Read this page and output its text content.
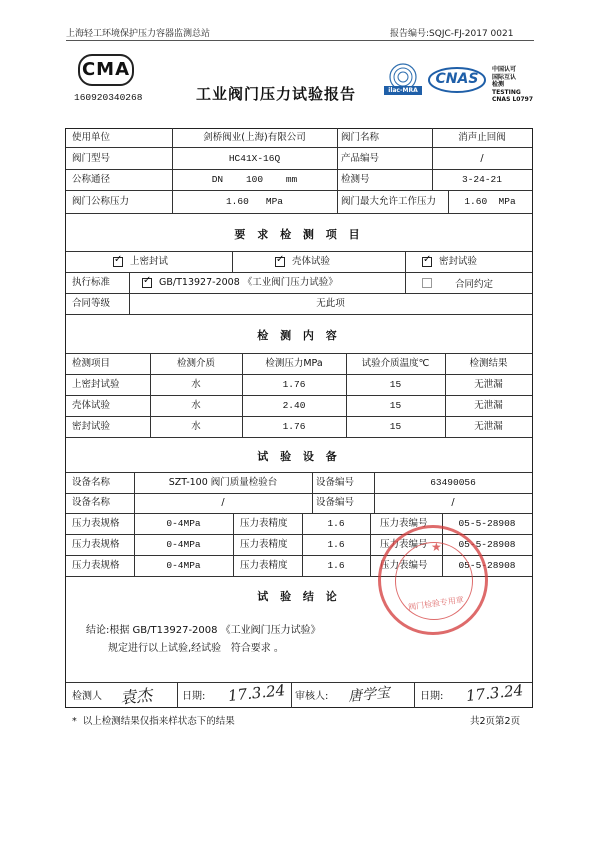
上海轻工环境保护压力容器监测总站	报告编号:SQJC-FJ-2017 0021
CMA
160920340268	工业阀门压力试验报告	ilac-MRA
CNAS
中国认可
国际互认
检测
TESTING
CNAS L0797
使用单位	剑桥阀业(上海)有限公司	阀门名称	消声止回阀
阀门型号	HC41X-16Q	产品编号	/
公称通径	DN    100    mm	检测号	3-24-21
阀门公称压力	1.60   MPa	阀门最大允许工作压力	1.60  MPa
要 求 检 测 项 目
✓ 上密封试 ✓	壳体试验 ✓	密封试验
执行标准 ✓	GB/T13927-2008 《工业阀门压力试验》	合同约定
合同等级	无此项
检 测 内 容
检测项目	检测介质	检测压力MPa	试验介质温度℃	检测结果
上密封试验	水	1.76	15	无泄漏
壳体试验	水	2.40	15	无泄漏
密封试验	水	1.76	15	无泄漏
试 验 设 备
设备名称	SZT-100 阀门质量检验台	设备编号	63490056
设备名称	/	设备编号	/
压力表规格	0-4MPa	压力表精度	1.6	压力表编号	05-5-28908
压力表规格	0-4MPa	压力表精度	1.6	压力表编号	05-5-28908
压力表规格	0-4MPa	压力表精度	1.6	压力表编号	05-5-28908
试 验 结 论
结论:根据 GB/T13927-2008 《工业阀门压力试验》
规定进行以上试验,经试验   符合要求 。
★
阀门检验专用章
检测人 袁杰	日期: 17.3.24 审核人: 唐学宝	日期: 17.3.24
*  以上检测结果仅指来样状态下的结果	共2页第2页
